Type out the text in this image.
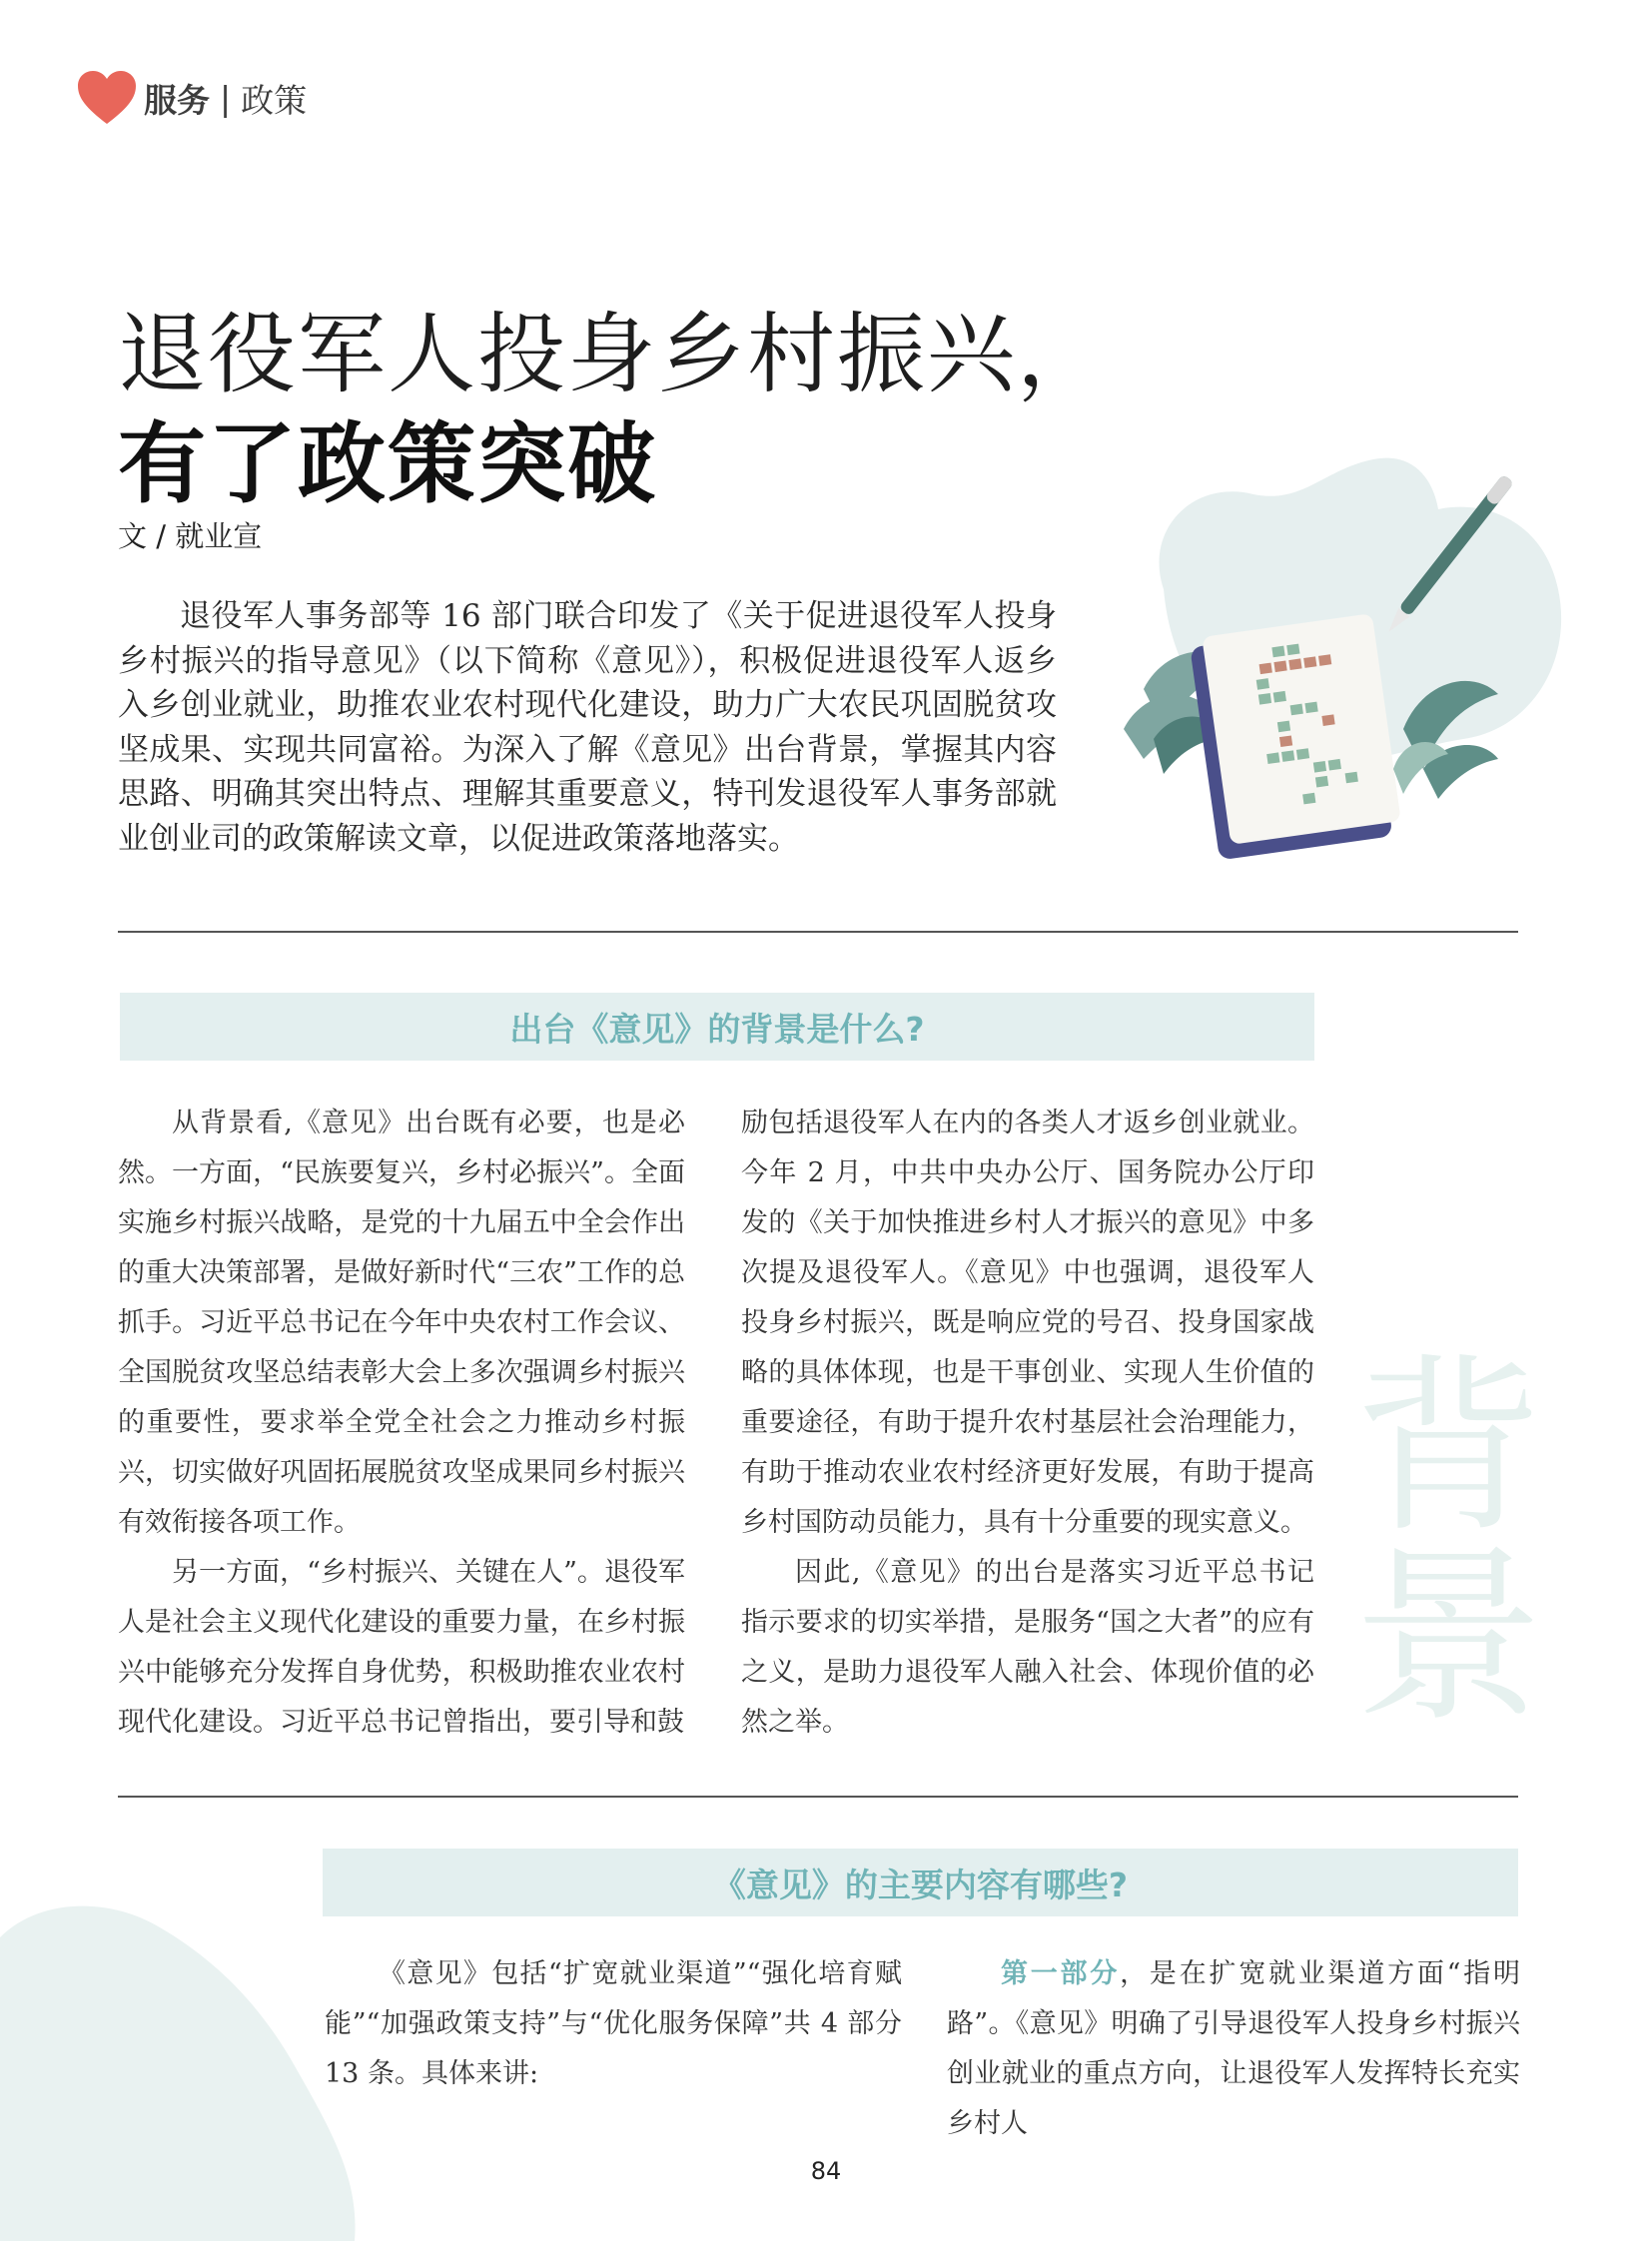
服务 | 政策
退役军人投身乡村振兴，
有了政策突破
文 / 就业宣

退役军人事务部等 16 部门联合印发了《关于促进退役军人投身乡村振兴的指导意见》（以下简称《意见》），积极促进退役军人返乡入乡创业就业，助推农业农村现代化建设，助力广大农民巩固脱贫攻坚成果、实现共同富裕。为深入了解《意见》出台背景，掌握其内容思路、明确其突出特点、理解其重要意义，特刊发退役军人事务部就业创业司的政策解读文章，以促进政策落地落实。

出台《意见》的背景是什么?

从背景看,《意见》出台既有必要，也是必然。一方面，“民族要复兴，乡村必振兴”。全面实施乡村振兴战略，是党的十九届五中全会作出的重大决策部署，是做好新时代“三农”工作的总抓手。习近平总书记在今年中央农村工作会议、全国脱贫攻坚总结表彰大会上多次强调乡村振兴的重要性，要求举全党全社会之力推动乡村振兴，切实做好巩固拓展脱贫攻坚成果同乡村振兴有效衔接各项工作。

另一方面，“乡村振兴、关键在人”。退役军人是社会主义现代化建设的重要力量，在乡村振兴中能够充分发挥自身优势，积极助推农业农村现代化建设。习近平总书记曾指出，要引导和鼓

励包括退役军人在内的各类人才返乡创业就业。今年 2 月，中共中央办公厅、国务院办公厅印发的《关于加快推进乡村人才振兴的意见》中多次提及退役军人。《意见》中也强调，退役军人投身乡村振兴，既是响应党的号召、投身国家战略的具体体现，也是干事创业、实现人生价值的重要途径，有助于提升农村基层社会治理能力，有助于推动农业农村经济更好发展，有助于提高乡村国防动员能力，具有十分重要的现实意义。

因此,《意见》的出台是落实习近平总书记指示要求的切实举措，是服务“国之大者”的应有之义，是助力退役军人融入社会、体现价值的必然之举。

背
景
《意见》的主要内容有哪些?

《意见》包括“扩宽就业渠道”“强化培育赋能”“加强政策支持”与“优化服务保障”共 4 部分 13 条。具体来讲:

第一部分，是在扩宽就业渠道方面“指明路”。《意见》明确了引导退役军人投身乡村振兴创业就业的重点方向，让退役军人发挥特长充实乡村人

84
